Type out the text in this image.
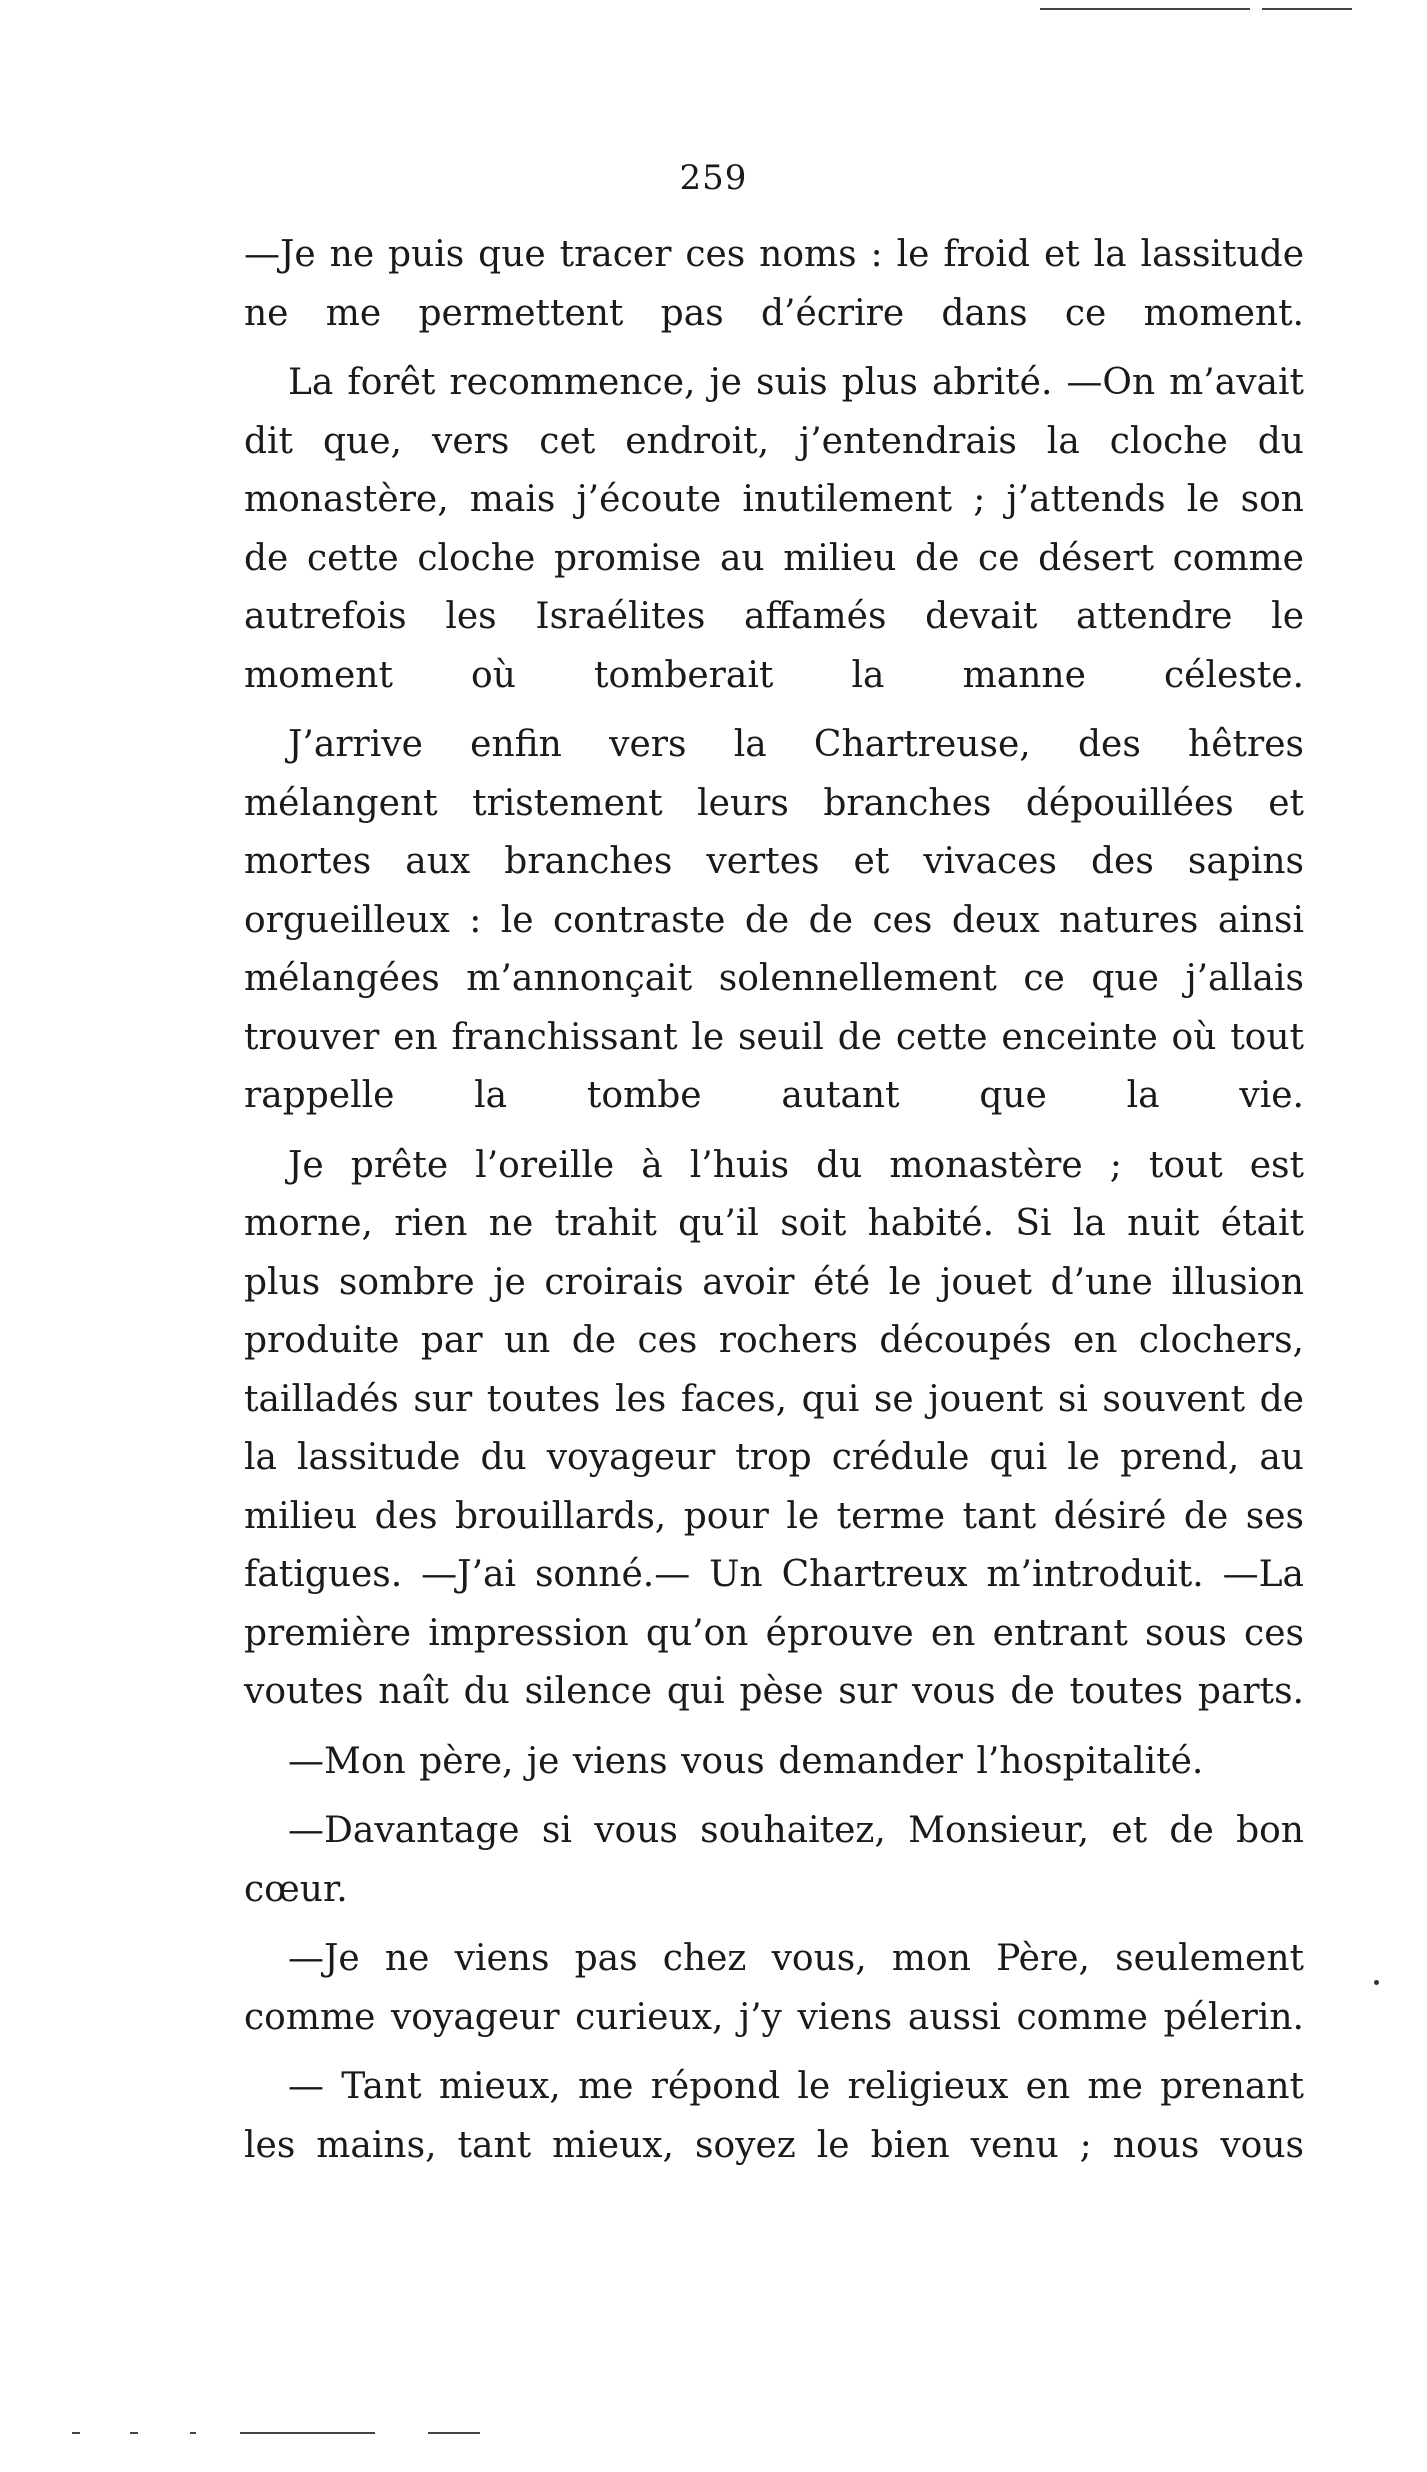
259

—Je ne puis que tracer ces noms : le froid et la lassitude ne me permettent pas d’écrire dans ce moment.

La forêt recommence, je suis plus abrité. —On m’avait dit que, vers cet endroit, j’entendrais la cloche du monastère, mais j’écoute inutilement ; j’attends le son de cette cloche promise au milieu de ce désert comme autrefois les Israélites affamés devait attendre le moment où tomberait la manne céleste.

J’arrive enfin vers la Chartreuse, des hêtres mélangent tristement leurs branches dépouillées et mortes aux branches vertes et vivaces des sapins orgueilleux : le contraste de de ces deux natures ainsi mélangées m’annonçait solennellement ce que j’allais trouver en franchissant le seuil de cette enceinte où tout rappelle la tombe autant que la vie.

Je prête l’oreille à l’huis du monastère ; tout est morne, rien ne trahit qu’il soit habité. Si la nuit était plus sombre je croirais avoir été le jouet d’une illusion produite par un de ces rochers découpés en clochers, tailladés sur toutes les faces, qui se jouent si souvent de la lassitude du voyageur trop crédule qui le prend, au milieu des brouillards, pour le terme tant désiré de ses fatigues. —J’ai sonné.— Un Chartreux m’introduit. —La première impression qu’on éprouve en entrant sous ces voutes naît du silence qui pèse sur vous de toutes parts.

—Mon père, je viens vous demander l’hospitalité.

—Davantage si vous souhaitez, Monsieur, et de bon cœur.

—Je ne viens pas chez vous, mon Père, seulement comme voyageur curieux, j’y viens aussi comme pélerin.

— Tant mieux, me répond le religieux en me prenant les mains, tant mieux, soyez le bien venu ; nous vous
